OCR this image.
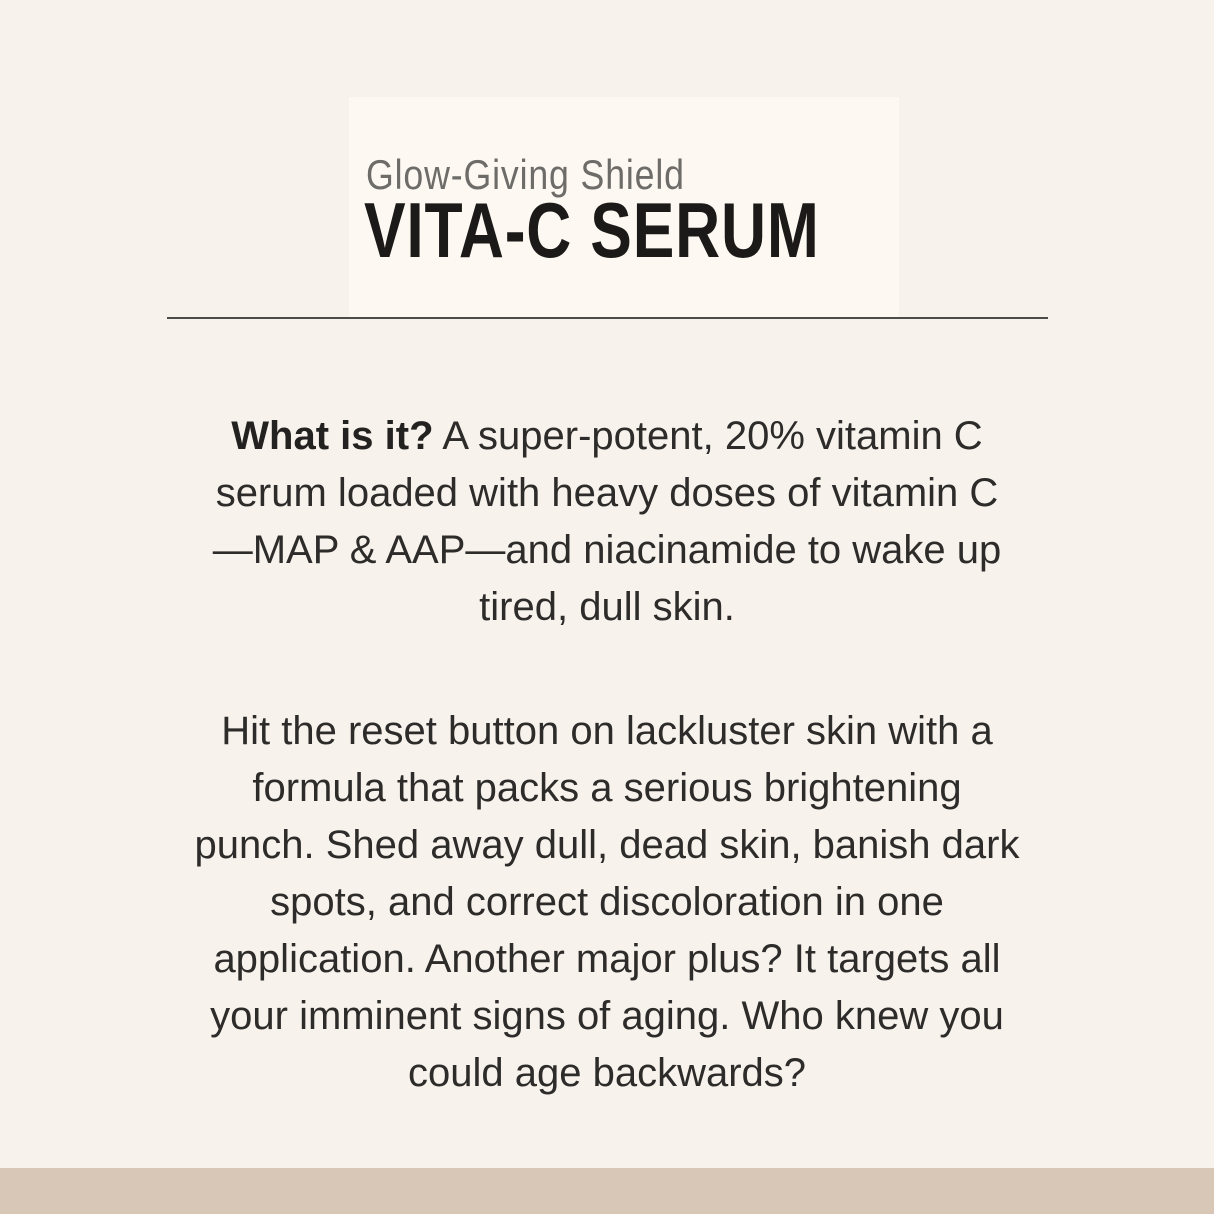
Glow-Giving Shield
VITA-C SERUM
What is it? A super-potent, 20% vitamin C
serum loaded with heavy doses of vitamin C
—MAP & AAP—and niacinamide to wake up
tired, dull skin.
Hit the reset button on lackluster skin with a
formula that packs a serious brightening
punch. Shed away dull, dead skin, banish dark
spots, and correct discoloration in one
application. Another major plus? It targets all
your imminent signs of aging. Who knew you
could age backwards?
